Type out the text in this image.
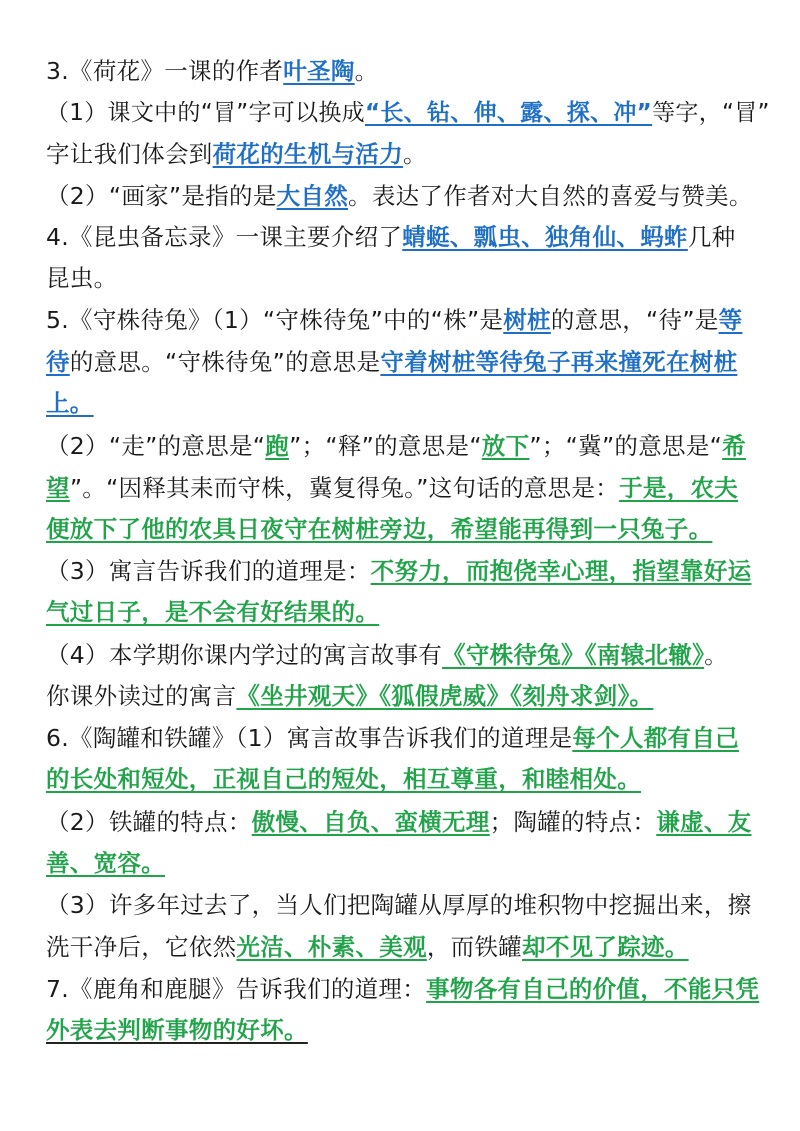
3.《荷花》一课的作者叶圣陶。
（1）课文中的“冒”字可以换成“长、钻、伸、露、探、冲”等字，“冒”
字让我们体会到荷花的生机与活力。
（2）“画家”是指的是大自然。表达了作者对大自然的喜爱与赞美。
4.《昆虫备忘录》一课主要介绍了蜻蜓、瓢虫、独角仙、蚂蚱几种
昆虫。
5.《守株待兔》（1）“守株待兔”中的“株”是树桩的意思，“待”是等
待的意思。“守株待兔”的意思是守着树桩等待兔子再来撞死在树桩
上。
（2）“走”的意思是“跑”；“释”的意思是“放下”；“冀”的意思是“希
望”。“因释其耒而守株，冀复得兔。”这句话的意思是：于是，农夫
便放下了他的农具日夜守在树桩旁边，希望能再得到一只兔子。
（3）寓言告诉我们的道理是：不努力，而抱侥幸心理，指望靠好运
气过日子，是不会有好结果的。
（4）本学期你课内学过的寓言故事有《守株待兔》《南辕北辙》。
你课外读过的寓言《坐井观天》《狐假虎威》《刻舟求剑》。
6.《陶罐和铁罐》（1）寓言故事告诉我们的道理是每个人都有自己
的长处和短处，正视自己的短处，相互尊重，和睦相处。
（2）铁罐的特点：傲慢、自负、蛮横无理；陶罐的特点：谦虚、友
善、宽容。
（3）许多年过去了，当人们把陶罐从厚厚的堆积物中挖掘出来，擦
洗干净后，它依然光洁、朴素、美观，而铁罐却不见了踪迹。
7.《鹿角和鹿腿》告诉我们的道理：事物各有自己的价值，不能只凭
外表去判断事物的好坏。
